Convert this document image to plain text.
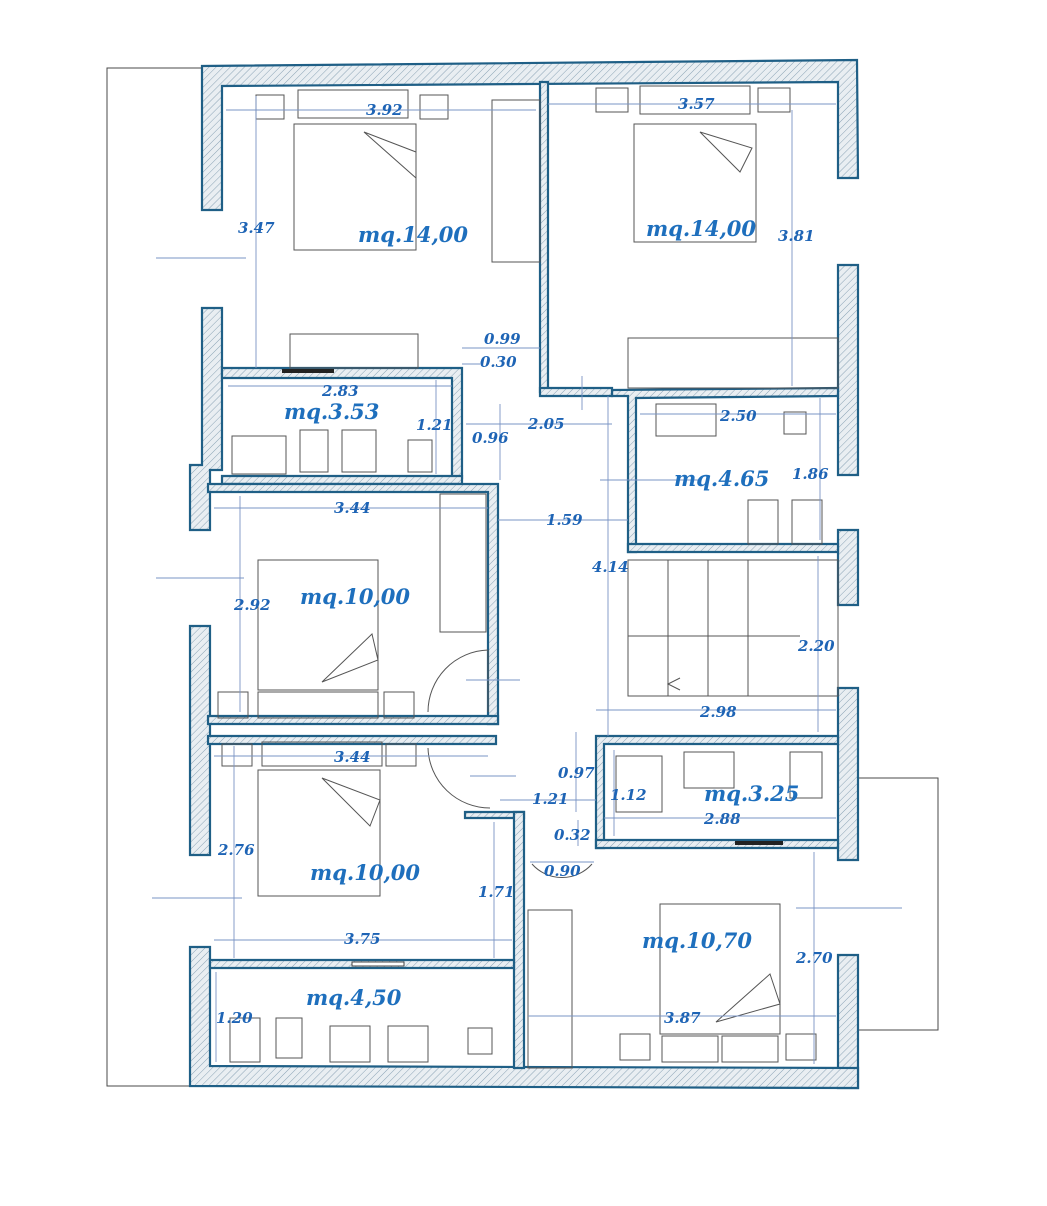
mq.14,00	mq.14,00
mq.3.53
mq.4.65
mq.10,00
mq.10,00
mq.3.25
mq.10,70
mq.4,50
3.92
3.47
3.57
3.81
0.99
0.30
2.83
1.21
0.96
2.05	2.50
1.86
3.44
1.59
2.92
4.14
2.20
2.98
3.44
2.76
0.97
1.21	1.12
2.88
0.32
0.90
1.71
3.75
2.70
3.87
1.20
